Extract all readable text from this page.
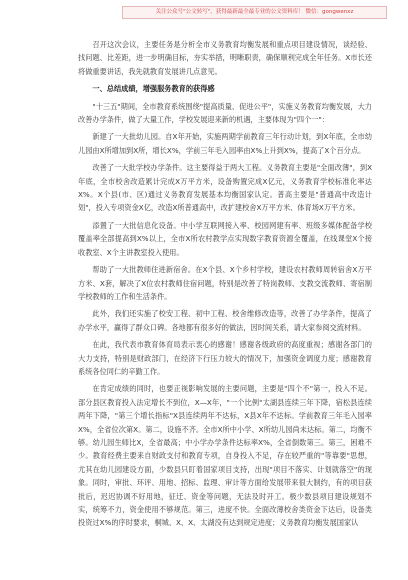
关注公众号"公文转写"，获得最新最全最专业的公文资料库！ 微信：gongwenxz

召开这次会议，主要任务是分析全市义务教育均衡发展和重点项目建设情况，谈经验、找问题、比差距，进一步明确目标，夯实举措，明晰职责，确保顺利完成全年任务。X市长还将做重要讲话，我先就教育发展讲几点意见。

一、总结成绩，增强服务教育的获得感

"十三五"期间，全市教育系统围绕"提高质量、促进公平"，实施义务教育均衡发展，大力改善办学条件，做了大量工作，学校发展迎来新的机遇，主要体现为"四个一"：

新建了一大批幼儿园。自X年开始，实施两期学前教育三年行动计划，到X年底，全市幼儿园由X所增加到X所，增长X%，学前三年毛入园率由X%上升到X%，提高了X个百分点。

改善了一大批学校办学条件。这主要得益于两大工程。义务教育主要是"全面改薄"，到X年底，全市校舍改造累计完成X万平方米，设备购置完成X亿元，义务教育学校标准化率达X%。X个县(市、区)通过义务教育发展基本均衡国家认定。普高主要是"普通高中改造计划"，投入专项资金X亿，改造X所普通高中，改扩建校舍X万平方米、体育场X万平方米。

添置了一大批信息化设备。中小学互联网接入率、校园网建有率、班级多媒体配备学校覆盖率全部提高到X%以上，全市X所农村教学点实现数字教育资源全覆盖，在线课堂X个接收教室、X个主讲教室投入使用。

帮助了一大批教师住进新宿舍。在X个县、X个乡村学校，建设农村教师周转宿舍X万平方米、X套，解决了X位农村教师住宿问题，特别是改善了特岗教师、支教交流教师、寄宿制学校教师的工作和生活条件。

此外，我们还实施了校安工程、初中工程、校舍维修改造等，改善了办学条件，提高了办学水平，赢得了群众口碑。各地都有很多好的做法，因时间关系，请大家参阅交流材料。

在此，我代表市教育体育局表示衷心的感谢！感谢各级政府的高度重视；感谢各部门的大力支持，特别是财政部门，在经济下行压力较大的情况下，加强资金调度力度；感谢教育系统各位同仁的辛勤工作。

在肯定成绩的同时，也要正视影响发展的主要问题，主要是"四个不"第一，投入不足。部分县区教育投入法定增长不到位，X—X年，"一个比例"太湖县连续三年下降，宿松县连续两年下降，"第三个增长指标"X县连续两年不达标，X县X年不达标。学前教育三年毛入园率X%，全省位次第X。第二，设施不齐。全市X所中小学、X所幼儿园尚未达标。第二，均衡不够。幼儿园生师比X，全省最高；中小学办学条件达标率X%，全省倒数第三。第三，困难不少。教育经费主要来自财政支付和教育专项，自身投入不足，存在较严重的"等靠要"思想，尤其在幼儿园建设方面，少数县只盯着国家项目支持，出现"项目不落实、计划就落空"的现象。同时，审批、环评、用地、招标、监理、审计等方面给发展带来很大制约，有的项目获批后，迟迟协调不好用地，征迁、资金等问题，无法及时开工。极少数县项目建设规划不实，统筹不力，资金使用不够规范。第三，进度不快。全面改薄校舍类资金下达后，设备类投资过X%的序时要求，桐城、X、X、太湖没有达到规定进度；义务教育均衡发展国家认
